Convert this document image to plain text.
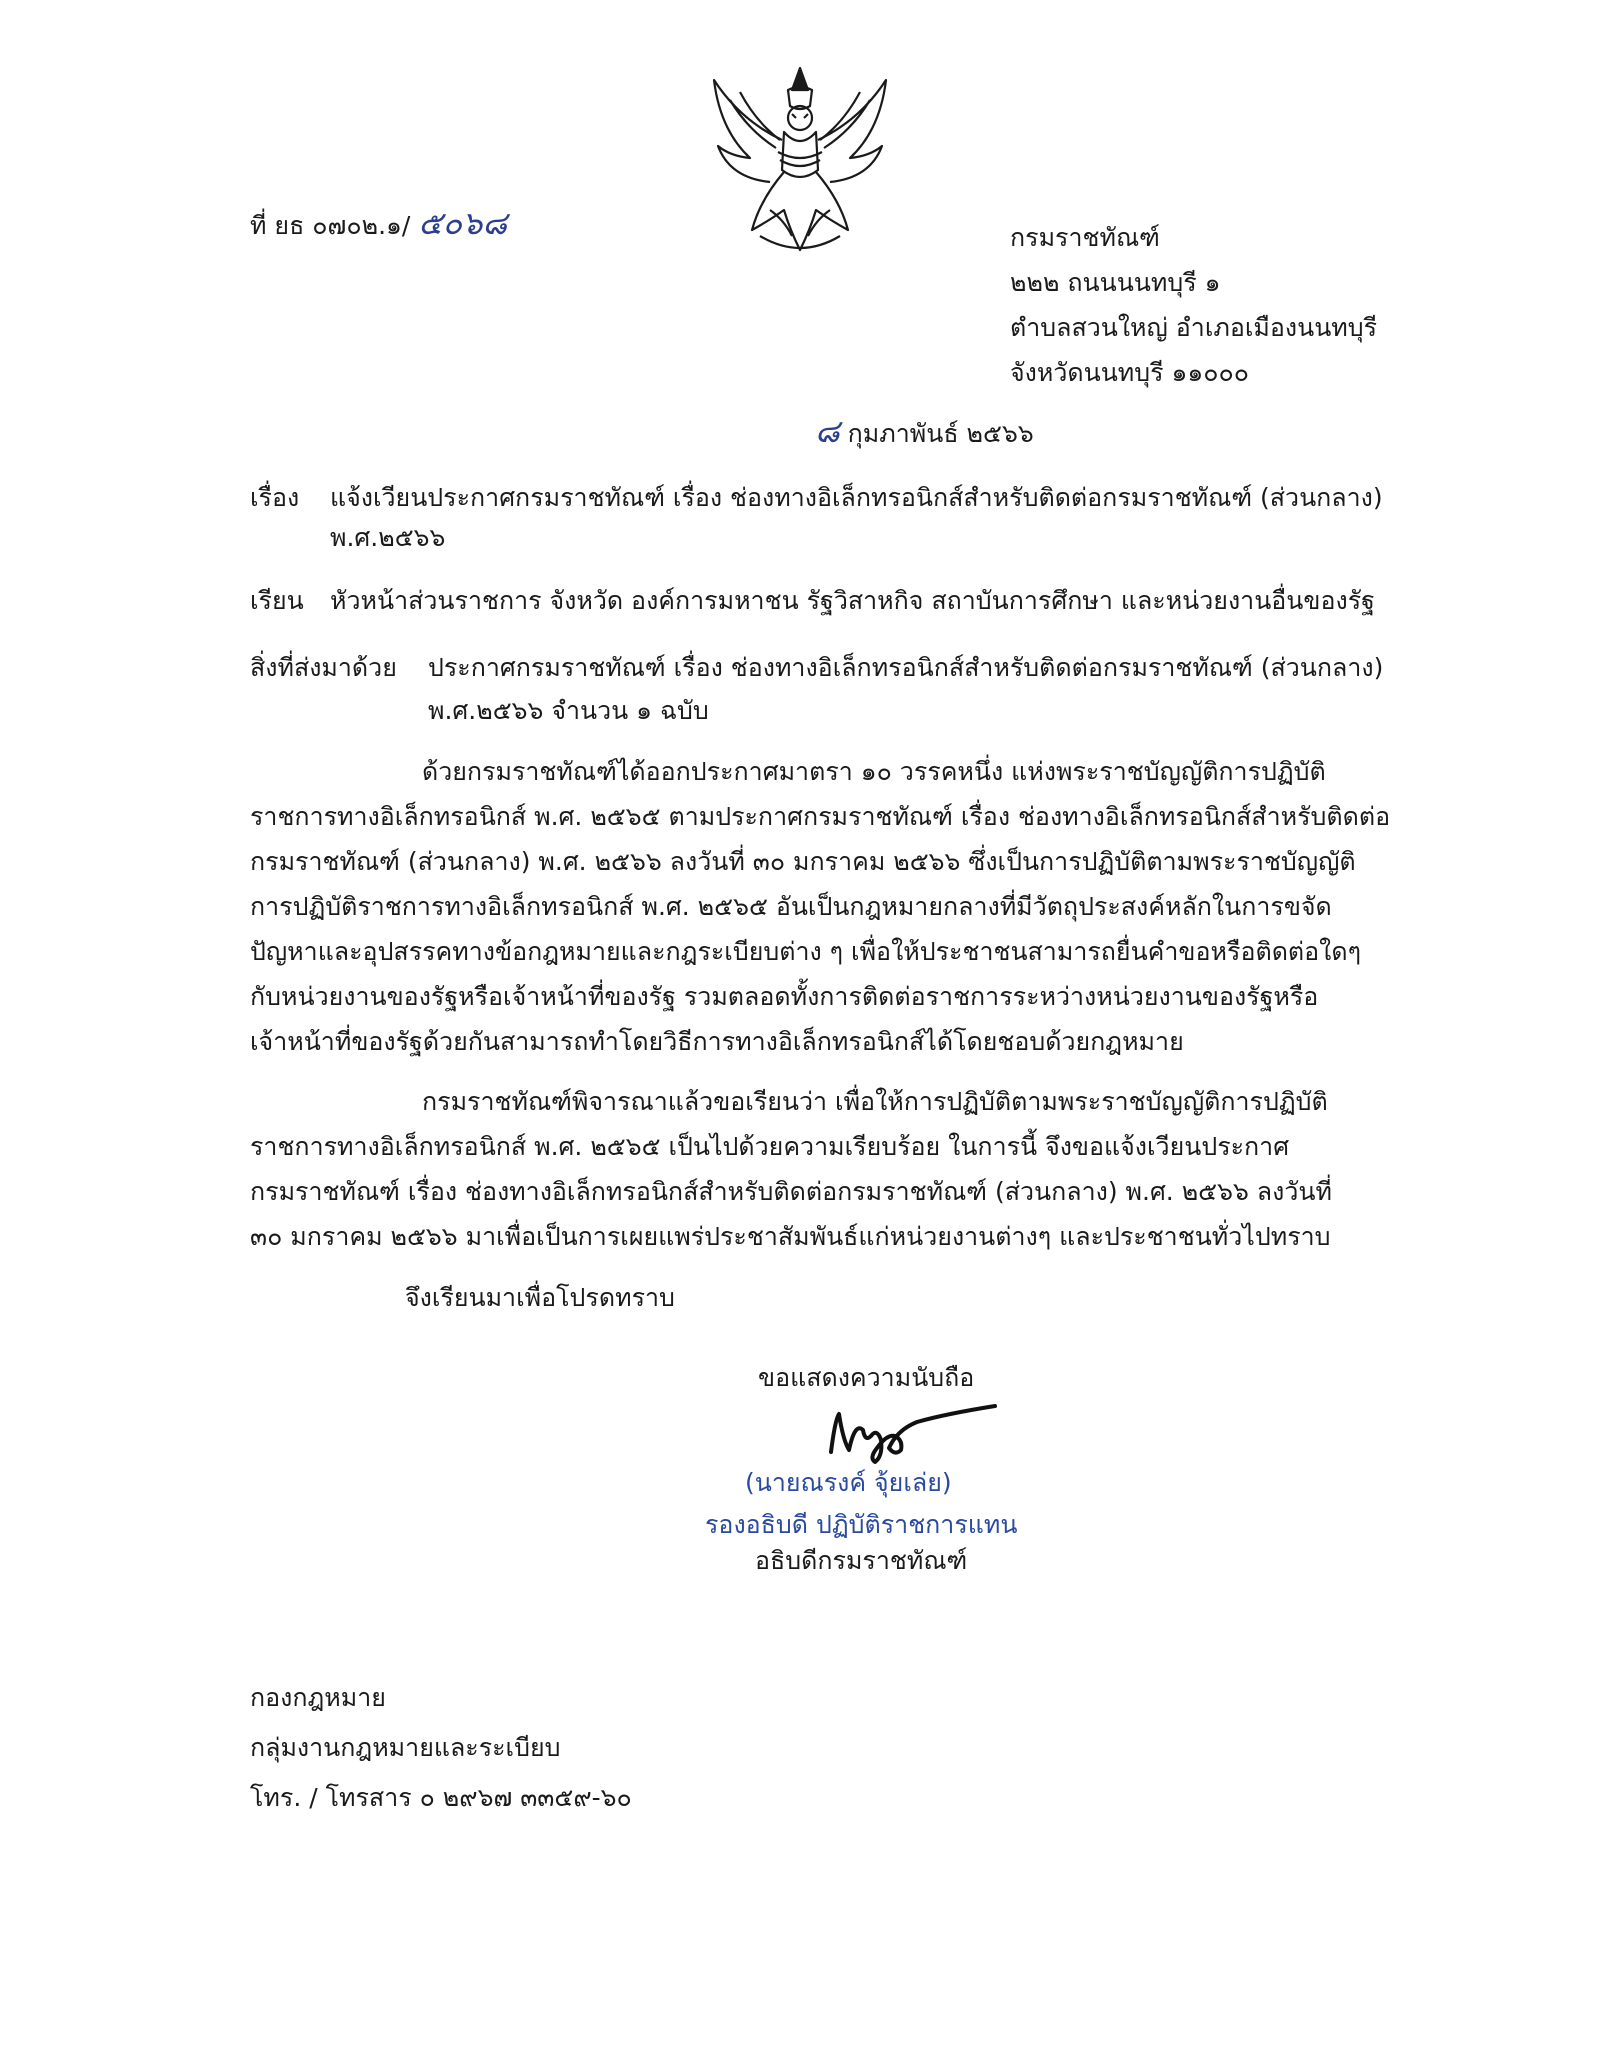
ที่ ยธ ๐๗๐๒.๑/ ๕๐๖๘	กรมราชทัณฑ์
๒๒๒ ถนนนนทบุรี ๑
ตำบลสวนใหญ่ อำเภอเมืองนนทบุรี
จังหวัดนนทบุรี ๑๑๐๐๐
๘ กุมภาพันธ์ ๒๕๖๖
เรื่อง แจ้งเวียนประกาศกรมราชทัณฑ์ เรื่อง ช่องทางอิเล็กทรอนิกส์สำหรับติดต่อกรมราชทัณฑ์ (ส่วนกลาง)
พ.ศ.๒๕๖๖
เรียน หัวหน้าส่วนราชการ จังหวัด องค์การมหาชน รัฐวิสาหกิจ สถาบันการศึกษา และหน่วยงานอื่นของรัฐ
สิ่งที่ส่งมาด้วย ประกาศกรมราชทัณฑ์ เรื่อง ช่องทางอิเล็กทรอนิกส์สำหรับติดต่อกรมราชทัณฑ์ (ส่วนกลาง)
พ.ศ.๒๕๖๖ จำนวน ๑ ฉบับ
ด้วยกรมราชทัณฑ์ได้ออกประกาศมาตรา ๑๐ วรรคหนึ่ง แห่งพระราชบัญญัติการปฏิบัติ
ราชการทางอิเล็กทรอนิกส์ พ.ศ. ๒๕๖๕ ตามประกาศกรมราชทัณฑ์ เรื่อง ช่องทางอิเล็กทรอนิกส์สำหรับติดต่อ
กรมราชทัณฑ์ (ส่วนกลาง) พ.ศ. ๒๕๖๖ ลงวันที่ ๓๐ มกราคม ๒๕๖๖ ซึ่งเป็นการปฏิบัติตามพระราชบัญญัติ
การปฏิบัติราชการทางอิเล็กทรอนิกส์ พ.ศ. ๒๕๖๕ อันเป็นกฎหมายกลางที่มีวัตถุประสงค์หลักในการขจัด
ปัญหาและอุปสรรคทางข้อกฎหมายและกฎระเบียบต่าง ๆ เพื่อให้ประชาชนสามารถยื่นคำขอหรือติดต่อใดๆ
กับหน่วยงานของรัฐหรือเจ้าหน้าที่ของรัฐ รวมตลอดทั้งการติดต่อราชการระหว่างหน่วยงานของรัฐหรือ
เจ้าหน้าที่ของรัฐด้วยกันสามารถทำโดยวิธีการทางอิเล็กทรอนิกส์ได้โดยชอบด้วยกฎหมาย
กรมราชทัณฑ์พิจารณาแล้วขอเรียนว่า เพื่อให้การปฏิบัติตามพระราชบัญญัติการปฏิบัติ
ราชการทางอิเล็กทรอนิกส์ พ.ศ. ๒๕๖๕ เป็นไปด้วยความเรียบร้อย ในการนี้ จึงขอแจ้งเวียนประกาศ
กรมราชทัณฑ์ เรื่อง ช่องทางอิเล็กทรอนิกส์สำหรับติดต่อกรมราชทัณฑ์ (ส่วนกลาง) พ.ศ. ๒๕๖๖ ลงวันที่
๓๐ มกราคม ๒๕๖๖ มาเพื่อเป็นการเผยแพร่ประชาสัมพันธ์แก่หน่วยงานต่างๆ และประชาชนทั่วไปทราบ
จึงเรียนมาเพื่อโปรดทราบ
ขอแสดงความนับถือ
(นายณรงค์ จุ้ยเล่ย)
รองอธิบดี ปฏิบัติราชการแทน
อธิบดีกรมราชทัณฑ์
กองกฎหมาย
กลุ่มงานกฎหมายและระเบียบ
โทร. / โทรสาร ๐ ๒๙๖๗ ๓๓๕๙-๖๐
